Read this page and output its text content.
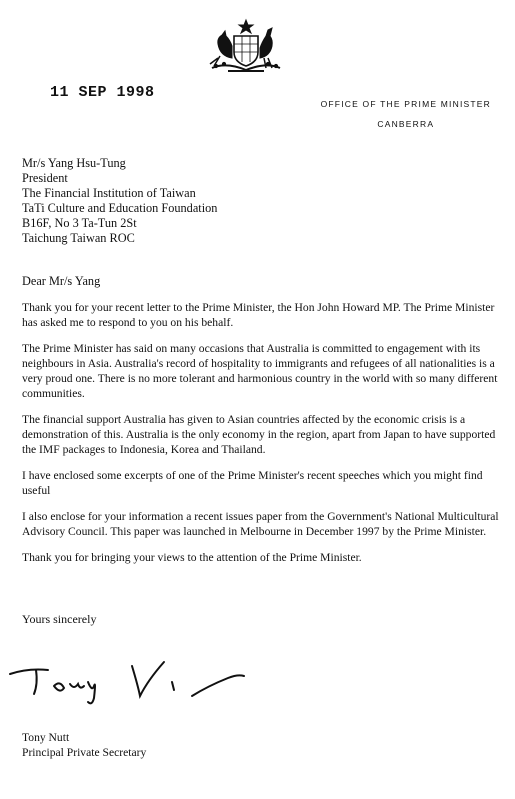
11 SEP 1998
OFFICE OF THE PRIME MINISTER
CANBERRA
Mr/s Yang Hsu-Tung
President
The Financial Institution of Taiwan
TaTi Culture and Education Foundation
B16F, No 3 Ta-Tun 2St
Taichung Taiwan ROC
Dear Mr/s Yang

Thank you for your recent letter to the Prime Minister, the Hon John Howard MP. The Prime Minister has asked me to respond to you on his behalf.

The Prime Minister has said on many occasions that Australia is committed to engagement with its neighbours in Asia. Australia's record of hospitality to immigrants and refugees of all nationalities is a very proud one. There is no more tolerant and harmonious country in the world with so many different communities.

The financial support Australia has given to Asian countries affected by the economic crisis is a demonstration of this. Australia is the only economy in the region, apart from Japan to have supported the IMF packages to Indonesia, Korea and Thailand.

I have enclosed some excerpts of one of the Prime Minister's recent speeches which you might find useful

I also enclose for your information a recent issues paper from the Government's National Multicultural Advisory Council. This paper was launched in Melbourne in December 1997 by the Prime Minister.

Thank you for bringing your views to the attention of the Prime Minister.

Yours sincerely
Tony Nutt
Principal Private Secretary
